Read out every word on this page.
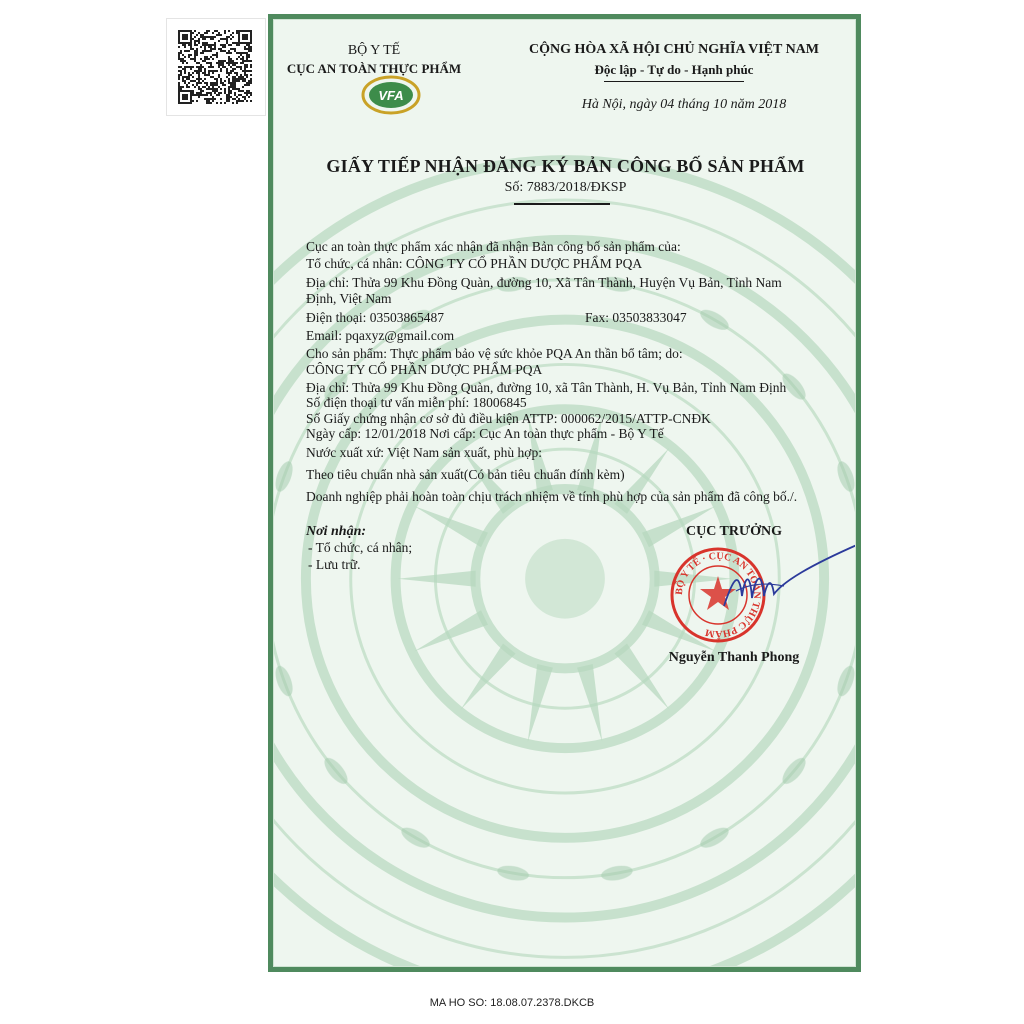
BỘ Y TẾ
CỤC AN TOÀN THỰC PHẨM
VFA
CỘNG HÒA XÃ HỘI CHỦ NGHĨA VIỆT NAM
Độc lập - Tự do - Hạnh phúc
Hà Nội, ngày 04 tháng 10 năm 2018
GIẤY TIẾP NHẬN ĐĂNG KÝ BẢN CÔNG BỐ SẢN PHẨM
Số: 7883/2018/ĐKSP
Cục an toàn thực phẩm xác nhận đã nhận Bản công bố sản phẩm của:
Tổ chức, cá nhân: CÔNG TY CỔ PHẦN DƯỢC PHẨM PQA
Địa chỉ: Thửa 99 Khu Đồng Quàn, đường 10, Xã Tân Thành, Huyện Vụ Bản, Tỉnh Nam
Định, Việt Nam
Điện thoại: 03503865487	Fax: 03503833047
Email: pqaxyz@gmail.com
Cho sản phẩm: Thực phẩm bảo vệ sức khỏe PQA An thần bổ tâm; do:
CÔNG TY CỔ PHẦN DƯỢC PHẨM PQA
Địa chỉ: Thửa 99 Khu Đồng Quàn, đường 10, xã Tân Thành, H. Vụ Bản, Tỉnh Nam Định
Số điện thoại tư vấn miễn phí: 18006845
Số Giấy chứng nhận cơ sở đủ điều kiện ATTP: 000062/2015/ATTP-CNĐK
Ngày cấp: 12/01/2018 Nơi cấp: Cục An toàn thực phẩm - Bộ Y Tế
Nước xuất xứ: Việt Nam sản xuất, phù hợp:
Theo tiêu chuẩn nhà sản xuất(Có bản tiêu chuẩn đính kèm)
Doanh nghiệp phải hoàn toàn chịu trách nhiệm về tính phù hợp của sản phẩm đã công bố./.
Nơi nhận:
- Tổ chức, cá nhân;
- Lưu trữ.
CỤC TRƯỞNG
BỘ Y TẾ · CỤC AN TOÀN THỰC PHẨM
Nguyễn Thanh Phong
MA HO SO: 18.08.07.2378.DKCB
